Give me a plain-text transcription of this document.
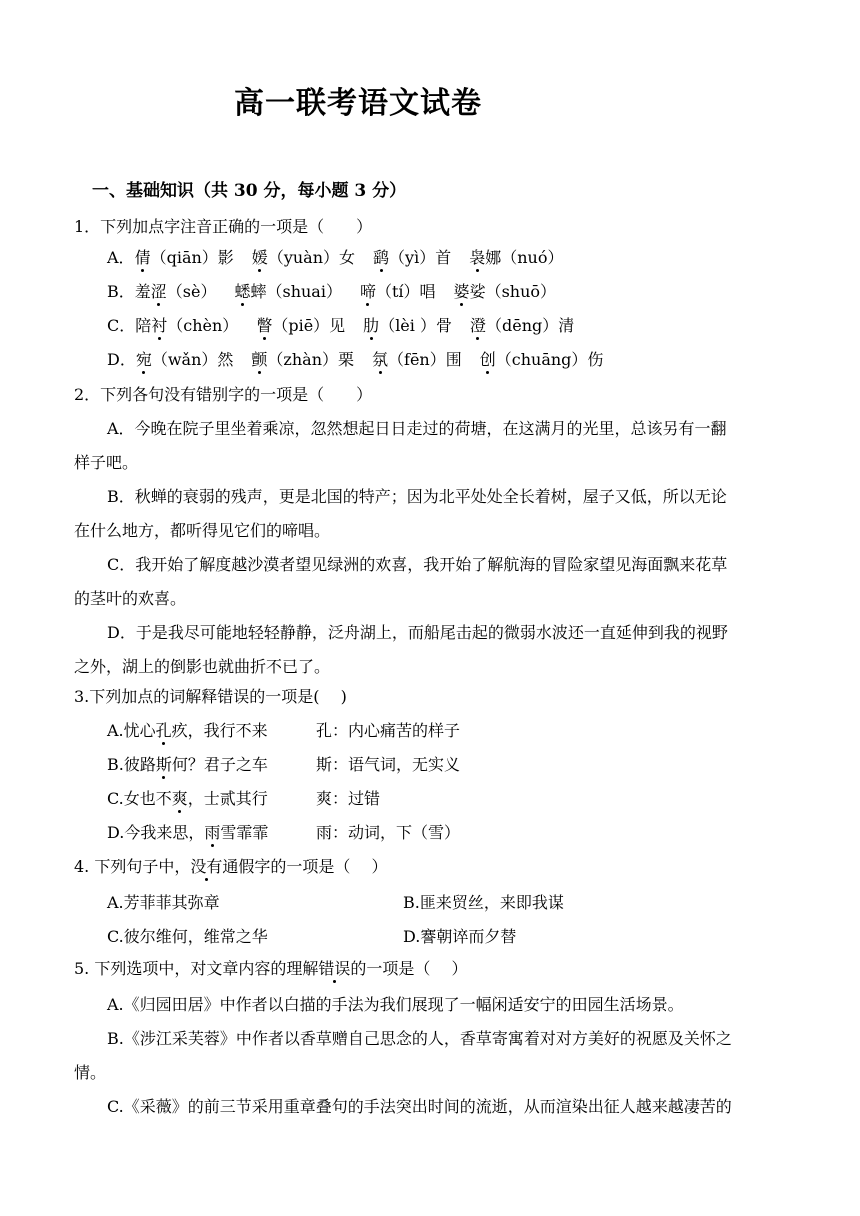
高一联考语文试卷
一、基础知识（共 30 分，每小题 3 分）
1．下列加点字注音正确的一项是（　　）
A．倩（qiān）影 媛（yuàn）女 鹞（yì）首 袅娜（nuó）
B．羞涩（sè） 蟋蟀（shuai） 啼（tí）唱 婆娑（shuō）
C．陪衬（chèn） 瞥（piē）见 肋（lèi ）骨 澄（dēng）清
D．宛（wǎn）然 颤（zhàn）栗 氛（fēn）围 创（chuāng）伤
2．下列各句没有错别字的一项是（　　）
A．今晚在院子里坐着乘凉，忽然想起日日走过的荷塘，在这满月的光里，总该另有一翻
样子吧。
B．秋蝉的衰弱的残声，更是北国的特产；因为北平处处全长着树，屋子又低，所以无论
在什么地方，都听得见它们的啼唱。
C．我开始了解度越沙漠者望见绿洲的欢喜，我开始了解航海的冒险家望见海面飘来花草
的茎叶的欢喜。
D．于是我尽可能地轻轻静静，泛舟湖上，而船尾击起的微弱水波还一直延伸到我的视野
之外，湖上的倒影也就曲折不已了。
3.下列加点的词解释错误的一项是(　 )
A.忧心孔疚，我行不来	孔：内心痛苦的样子
B.彼路斯何？君子之车	斯：语气词，无实义
C.女也不爽，士贰其行	爽：过错
D.今我来思，雨雪霏霏	雨：动词，下（雪）
4. 下列句子中，没有通假字的一项是（　 ）
A.芳菲菲其弥章	B.匪来贸丝，来即我谋
C.彼尔维何，维常之华	D.謇朝谇而夕替
5. 下列选项中，对文章内容的理解错误的一项是（　 ）
A.《归园田居》中作者以白描的手法为我们展现了一幅闲适安宁的田园生活场景。
B.《涉江采芙蓉》中作者以香草赠自己思念的人，香草寄寓着对对方美好的祝愿及关怀之
情。
C.《采薇》的前三节采用重章叠句的手法突出时间的流逝，从而渲染出征人越来越凄苦的
